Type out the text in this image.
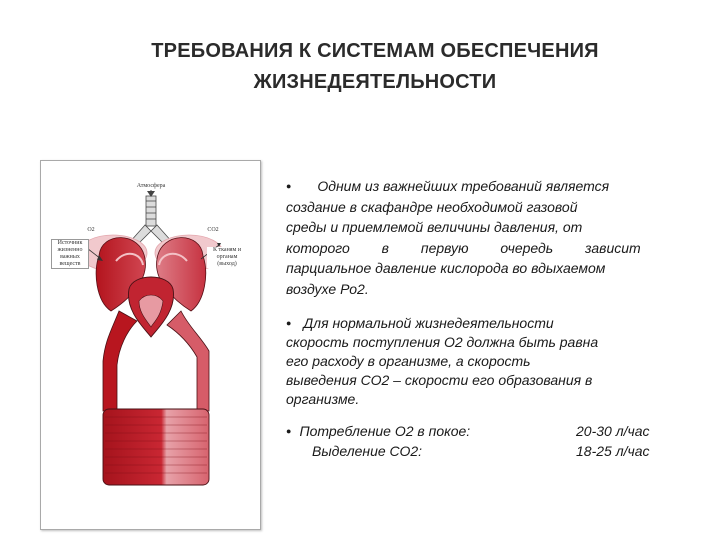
ТРЕБОВАНИЯ К СИСТЕМАМ ОБЕСПЕЧЕНИЯ
ЖИЗНЕДЕЯТЕЛЬНОСТИ
Атмосфера
O2	CO2
Источник жизненно важных веществ
К тканям и органам (выход)
● Одним из важнейших требований является
создание в скафандре необходимой газовой
среды и приемлемой величины давления, от
которого в первую очередь зависит
парциальное давление кислорода во вдыхаемом
воздухе Ро2.
● Для нормальной жизнедеятельности
скорость поступления О2 должна быть равна
его расходу в организме, а скорость
выведения СО2 – скорости его образования в
организме.
● Потребление О2 в покое:	20-30 л/час
Выделение СО2:	18-25 л/час
